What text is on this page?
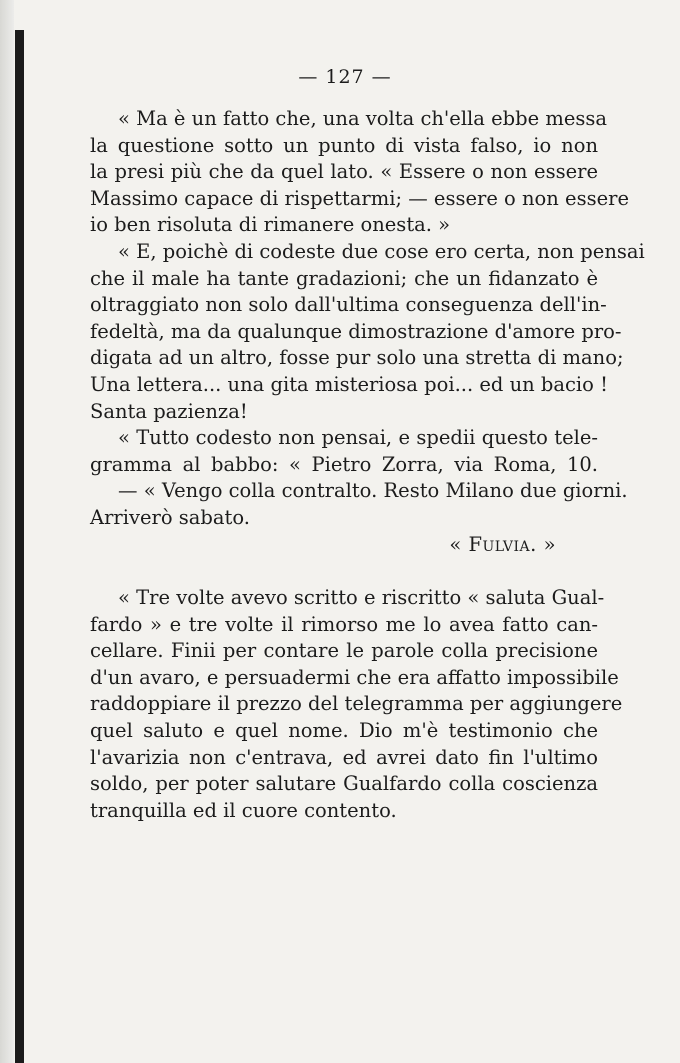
— 127 —
« Ma è un fatto che, una volta ch'ella ebbe messa
la questione sotto un punto di vista falso, io non
la presi più che da quel lato. « Essere o non essere
Massimo capace di rispettarmi; — essere o non essere
io ben risoluta di rimanere onesta. »
« E, poichè di codeste due cose ero certa, non pensai
che il male ha tante gradazioni; che un fidanzato è
oltraggiato non solo dall'ultima conseguenza dell'in-
fedeltà, ma da qualunque dimostrazione d'amore pro-
digata ad un altro, fosse pur solo una stretta di mano;
Una lettera... una gita misteriosa poi... ed un bacio !
Santa pazienza!
« Tutto codesto non pensai, e spedii questo tele-
gramma al babbo: « Pietro Zorra, via Roma, 10.
— « Vengo colla contralto. Resto Milano due giorni.
Arriverò sabato.
« Fulvia. »
« Tre volte avevo scritto e riscritto « saluta Gual-
fardo » e tre volte il rimorso me lo avea fatto can-
cellare. Finii per contare le parole colla precisione
d'un avaro, e persuadermi che era affatto impossibile
raddoppiare il prezzo del telegramma per aggiungere
quel saluto e quel nome. Dio m'è testimonio che
l'avarizia non c'entrava, ed avrei dato fin l'ultimo
soldo, per poter salutare Gualfardo colla coscienza
tranquilla ed il cuore contento.
